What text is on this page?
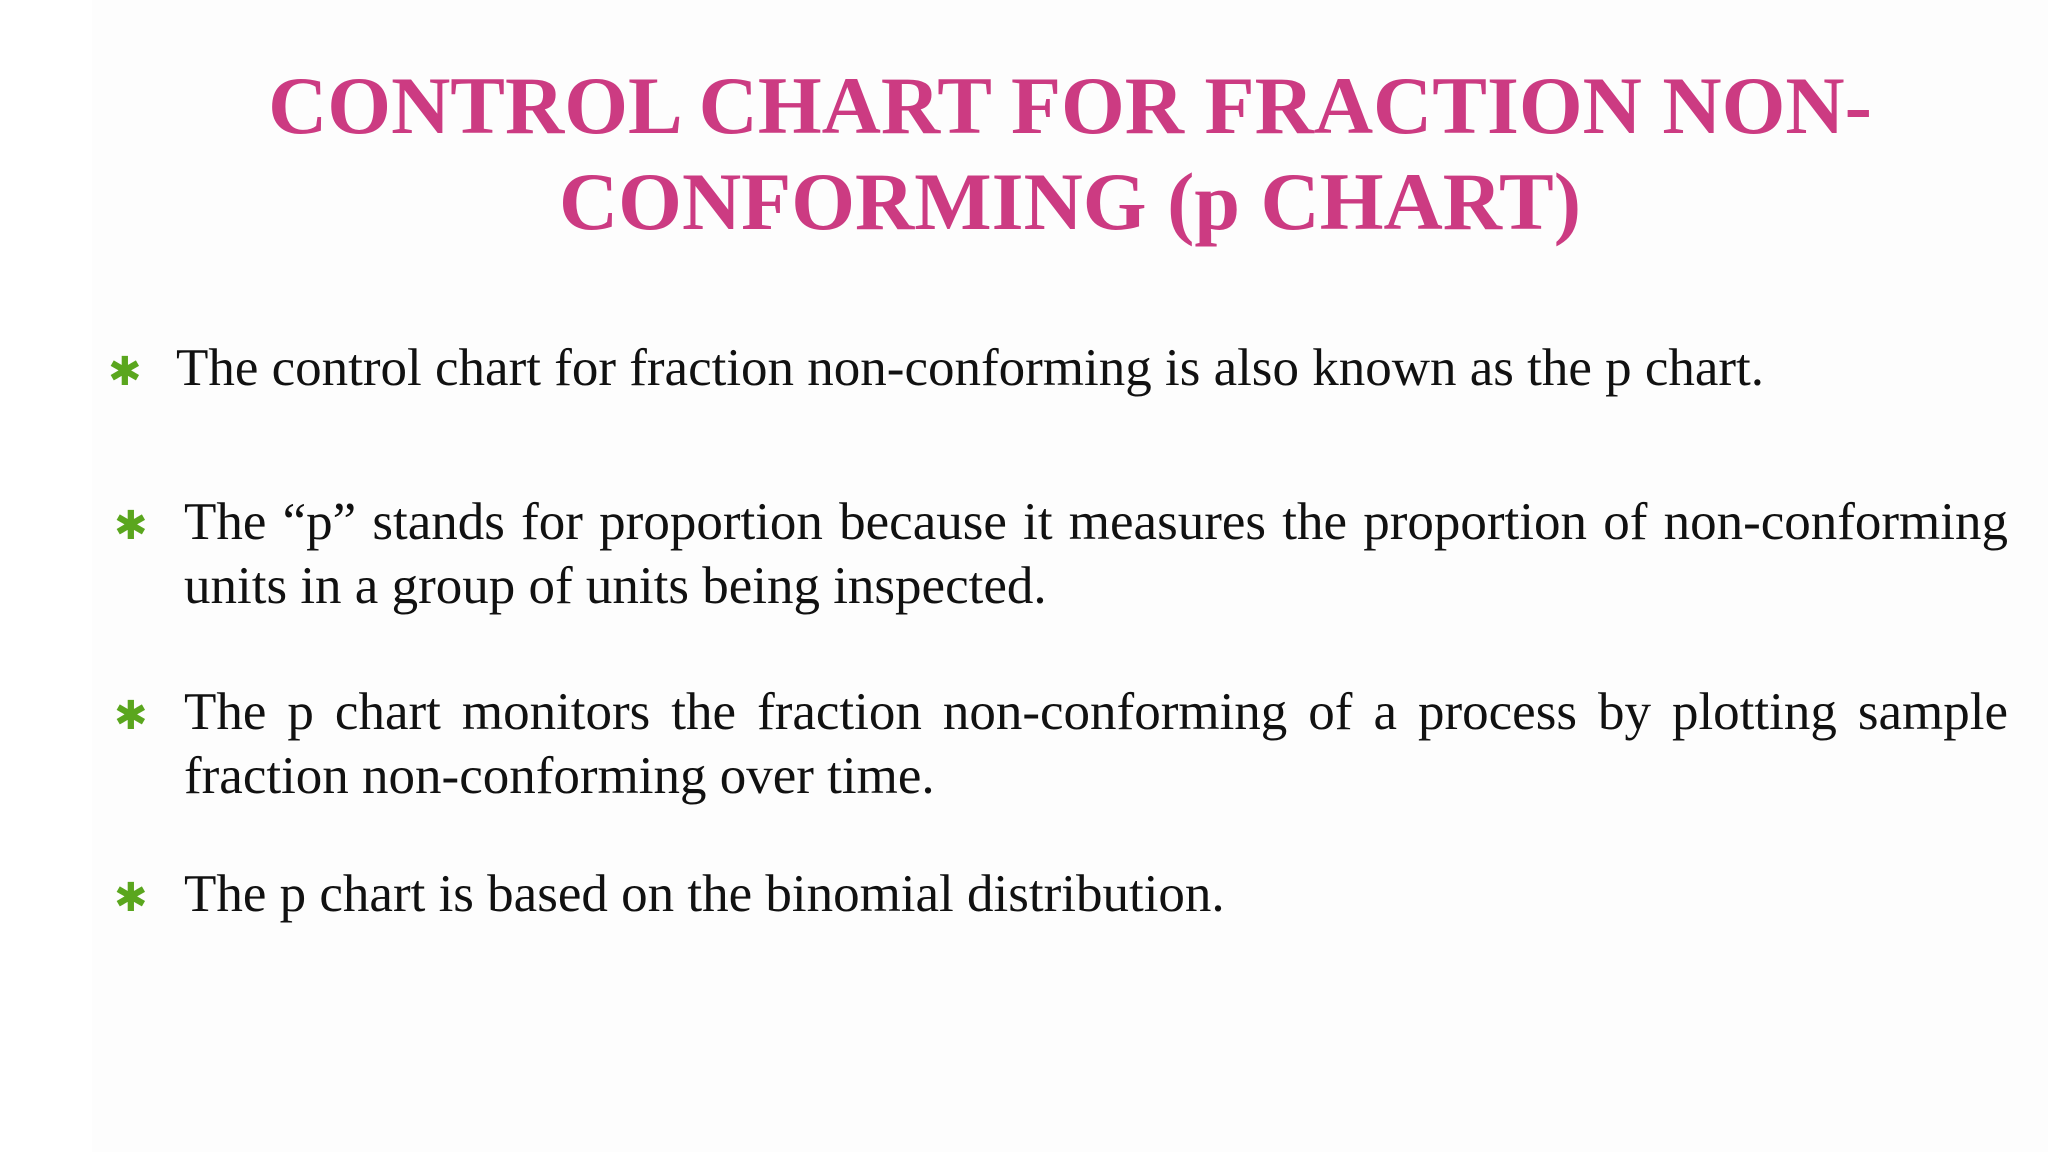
CONTROL CHART FOR FRACTION NON-
CONFORMING (p CHART)

✱ The control chart for fraction non-conforming is also known as the p chart.

✱ The “p” stands for proportion because it measures the proportion of non-conforming units in a group of units being inspected.

✱ The p chart monitors the fraction non-conforming of a process by plotting sample fraction non-conforming over time.

✱ The p chart is based on the binomial distribution.
